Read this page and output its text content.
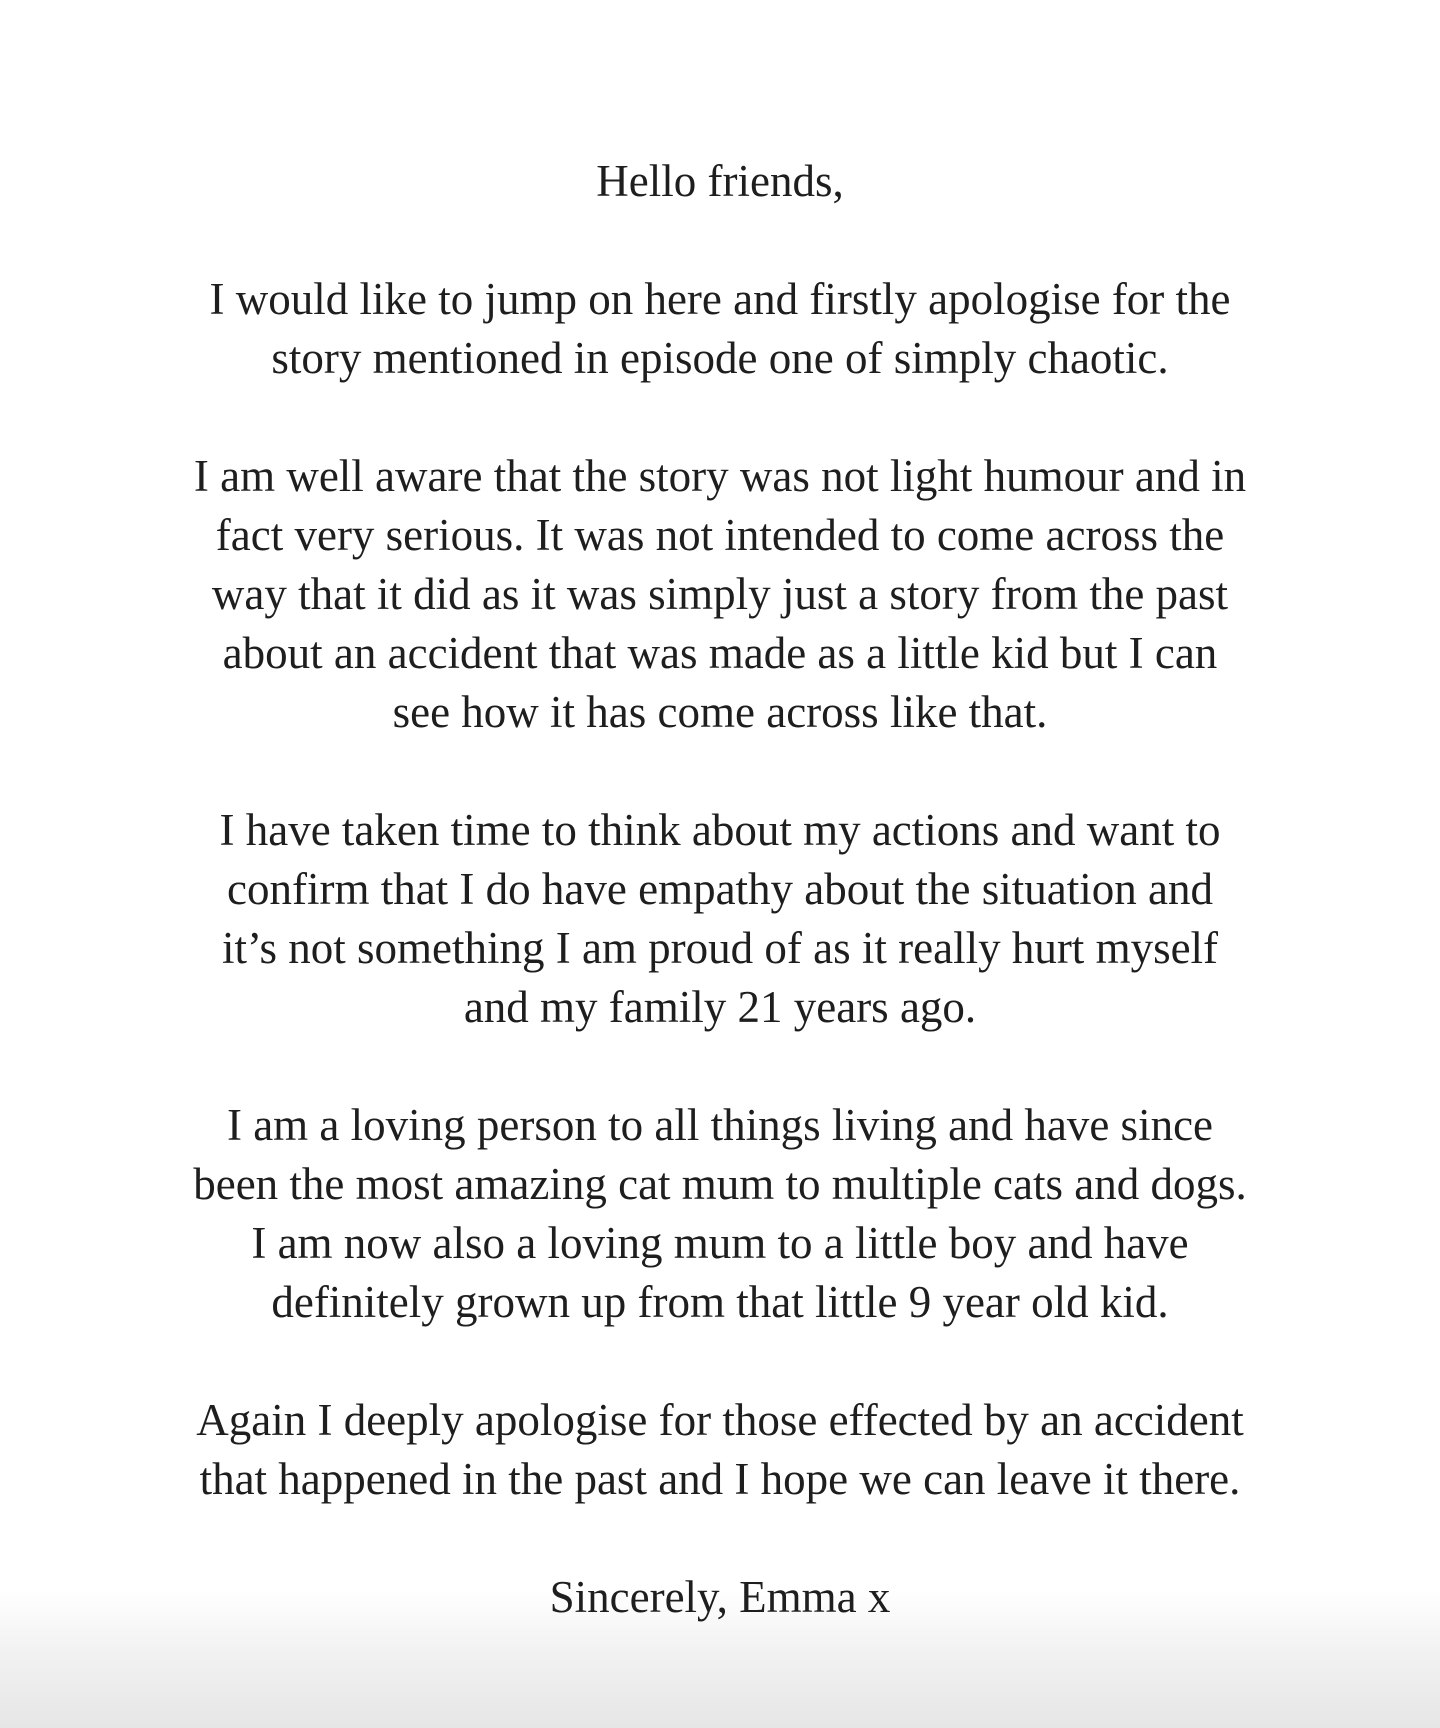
Hello friends,

I would like to jump on here and firstly apologise for the
story mentioned in episode one of simply chaotic.

I am well aware that the story was not light humour and in
fact very serious. It was not intended to come across the
way that it did as it was simply just a story from the past
about an accident that was made as a little kid but I can
see how it has come across like that.

I have taken time to think about my actions and want to
confirm that I do have empathy about the situation and
it’s not something I am proud of as it really hurt myself
and my family 21 years ago.

I am a loving person to all things living and have since
been the most amazing cat mum to multiple cats and dogs.
I am now also a loving mum to a little boy and have
definitely grown up from that little 9 year old kid.

Again I deeply apologise for those effected by an accident
that happened in the past and I hope we can leave it there.

Sincerely, Emma x
